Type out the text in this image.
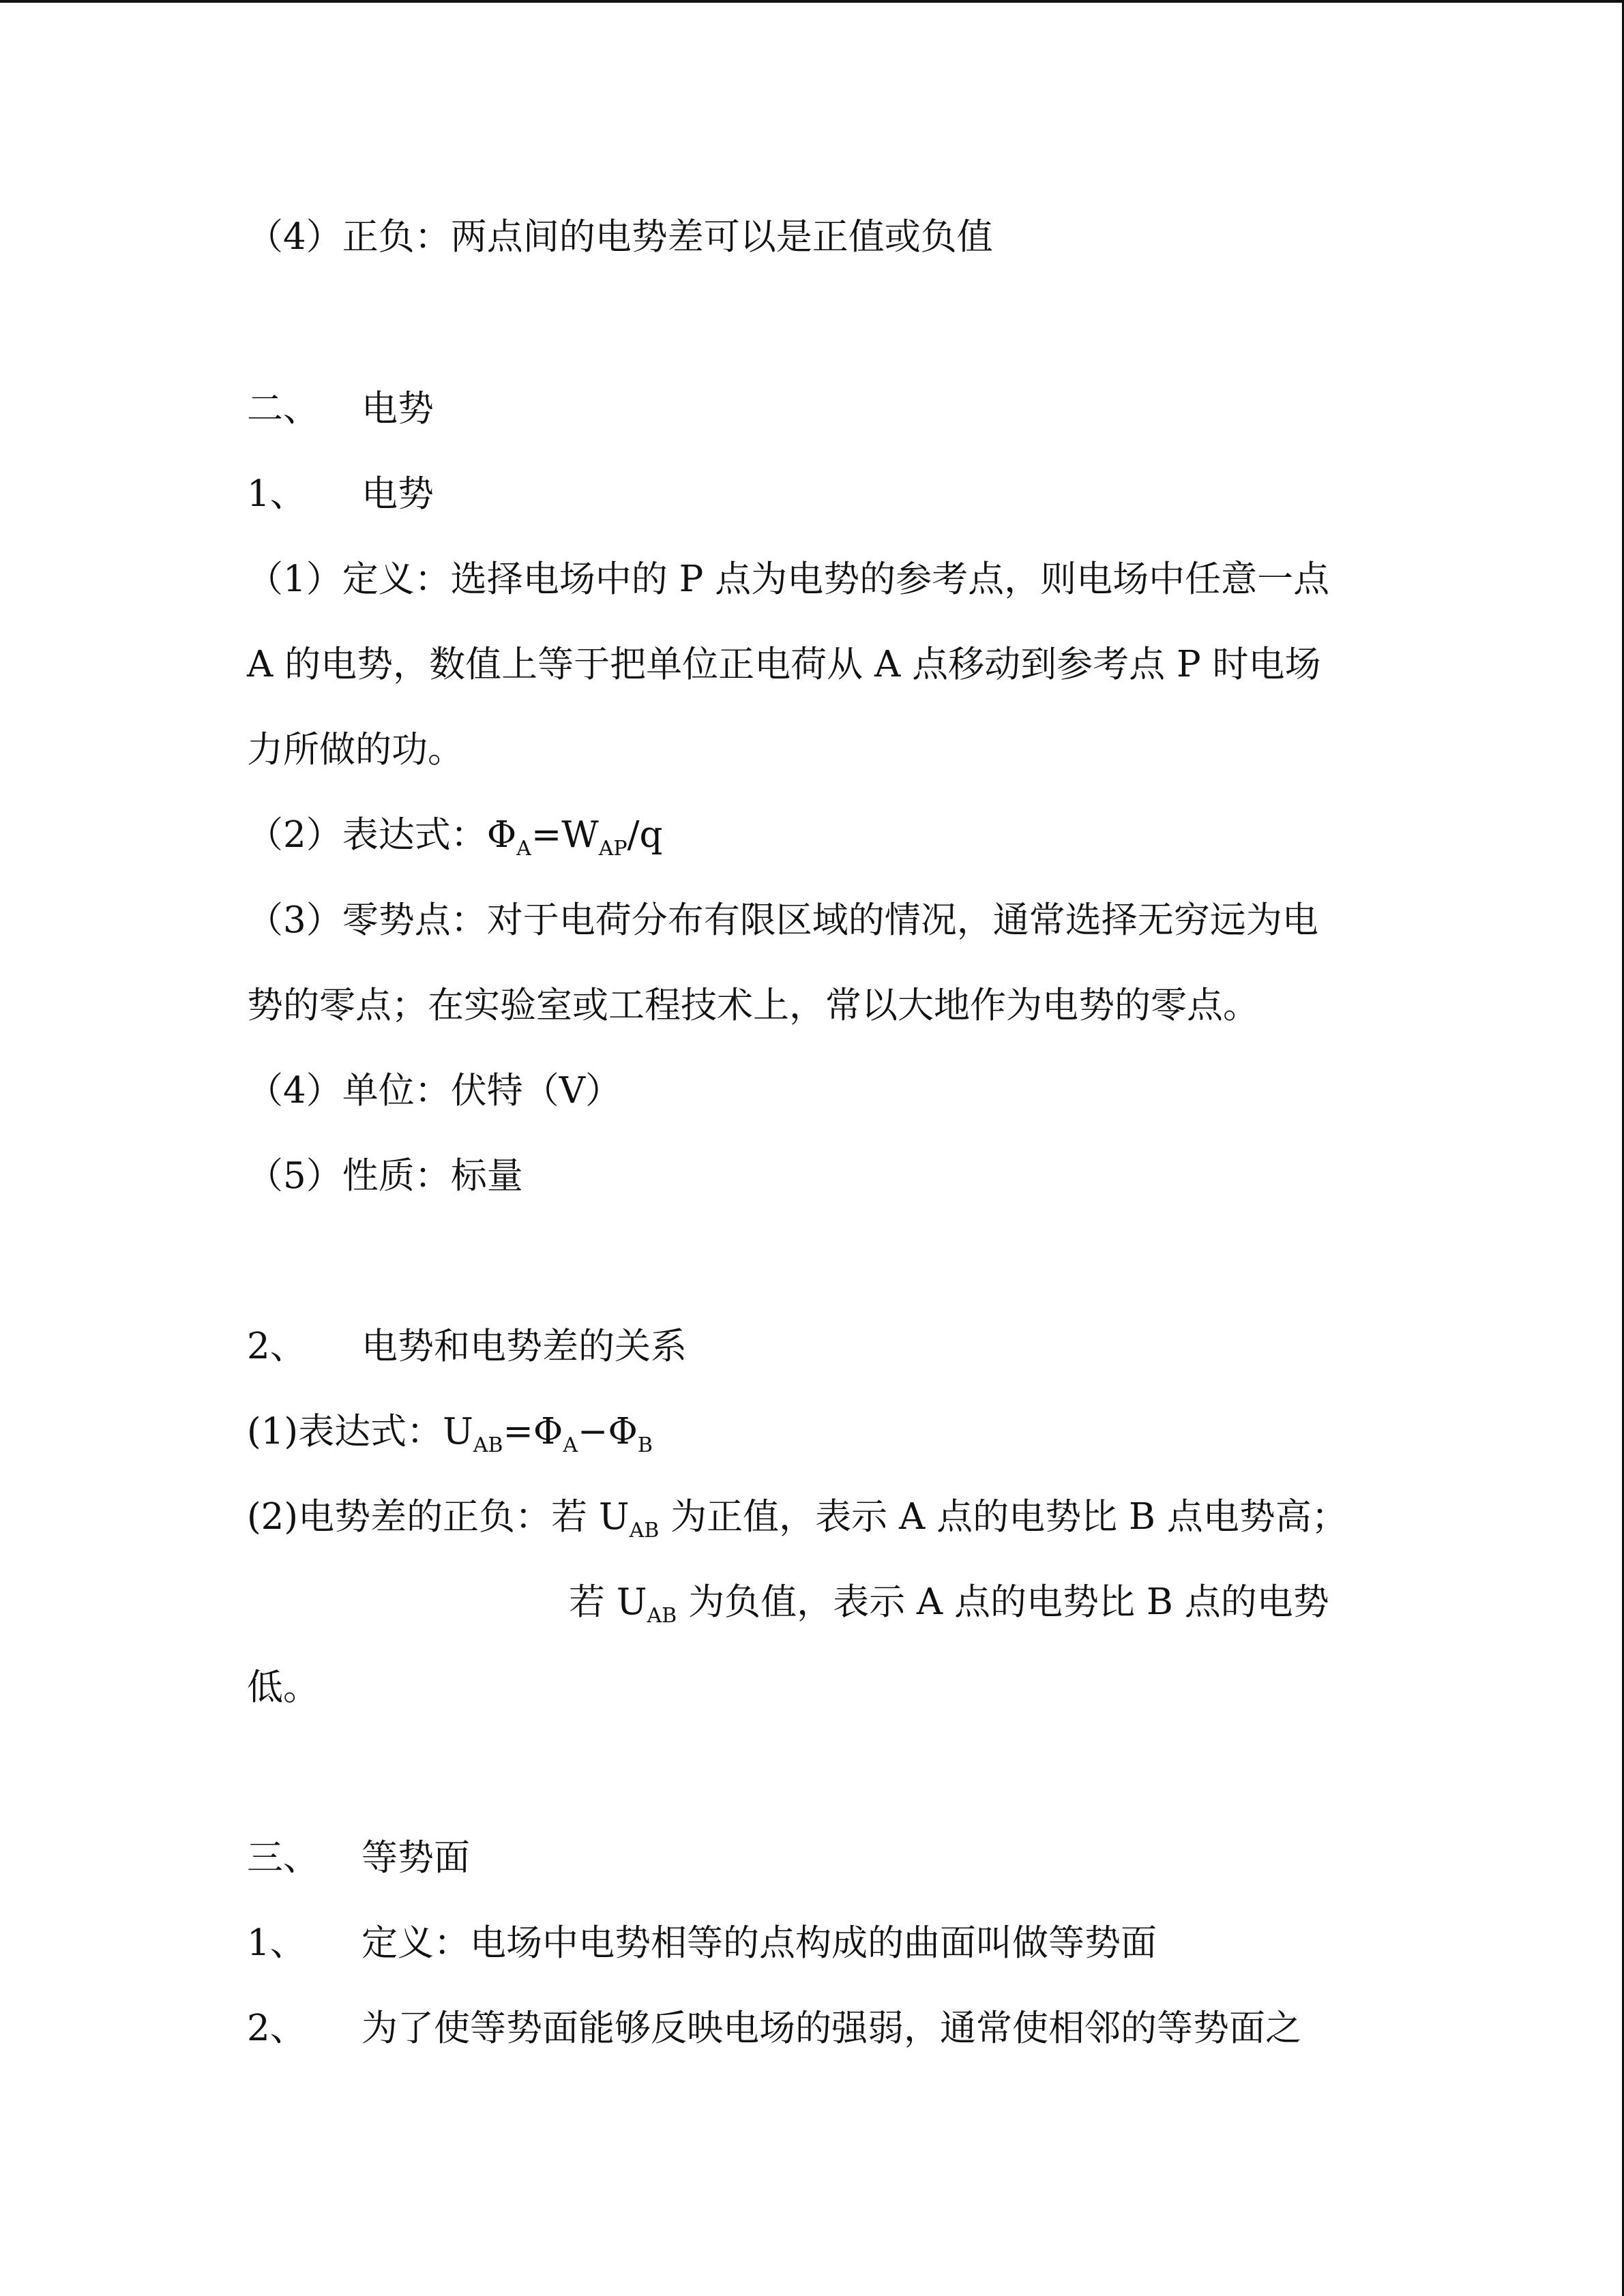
（4）正负：两点间的电势差可以是正值或负值
二、 电势
1、 电势
（1）定义：选择电场中的 P 点为电势的参考点，则电场中任意一点
A 的电势，数值上等于把单位正电荷从 A 点移动到参考点 P 时电场
力所做的功。
（2）表达式：$\Phi_A=W_{AP}/q$
（3）零势点：对于电荷分布有限区域的情况，通常选择无穷远为电
势的零点；在实验室或工程技术上，常以大地作为电势的零点。
（4）单位：伏特（V）
（5）性质：标量
2、 电势和电势差的关系
(1)表达式：$U_{AB}=\Phi_A-\Phi_B$
(2)电势差的正负：若 $U_{AB}$ 为正值，表示 A 点的电势比 B 点电势高；
若 $U_{AB}$ 为负值，表示 A 点的电势比 B 点的电势
低。
三、 等势面
1、 定义：电场中电势相等的点构成的曲面叫做等势面
2、 为了使等势面能够反映电场的强弱，通常使相邻的等势面之
